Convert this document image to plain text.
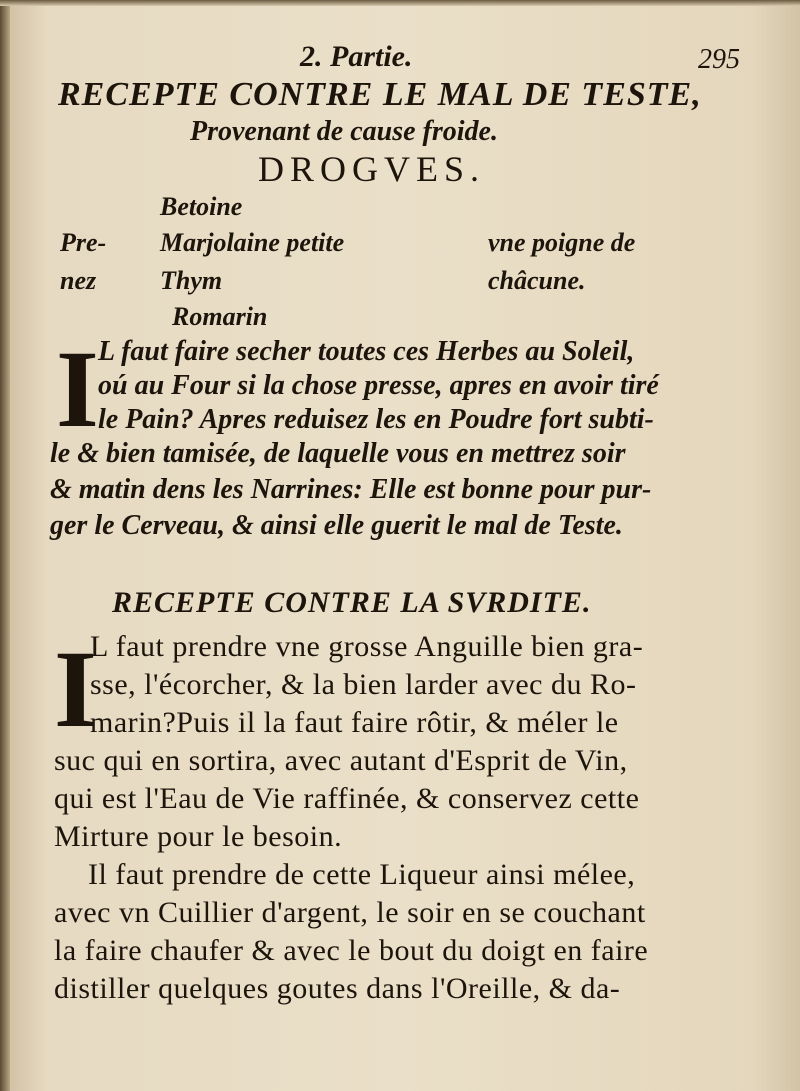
2. Partie.	295
RECEPTE CONTRE LE MAL DE TESTE,
Provenant de cause froide.
DROGVES.
Betoine
Pre- Marjolaine petite	vne poigne de
nez Thym	châcune.
Romarin
I L faut faire secher toutes ces Herbes au Soleil,
oú au Four si la chose presse, apres en avoir tiré
le Pain? Apres reduisez les en Poudre fort subti-
le & bien tamisée, de laquelle vous en mettrez soir
& matin dens les Narrines: Elle est bonne pour pur-
ger le Cerveau, & ainsi elle guerit le mal de Teste.
RECEPTE CONTRE LA SVRDITE.
I
L faut prendre vne grosse Anguille bien gra-
sse, l'écorcher, & la bien larder avec du Ro-
marin?Puis il la faut faire rôtir, & méler le
suc qui en sortira, avec autant d'Esprit de Vin,
qui est l'Eau de Vie raffinée, & conservez cette
Mirture pour le besoin.
Il faut prendre de cette Liqueur ainsi mélee,
avec vn Cuillier d'argent, le soir en se couchant
la faire chaufer & avec le bout du doigt en faire
distiller quelques goutes dans l'Oreille, & da-
